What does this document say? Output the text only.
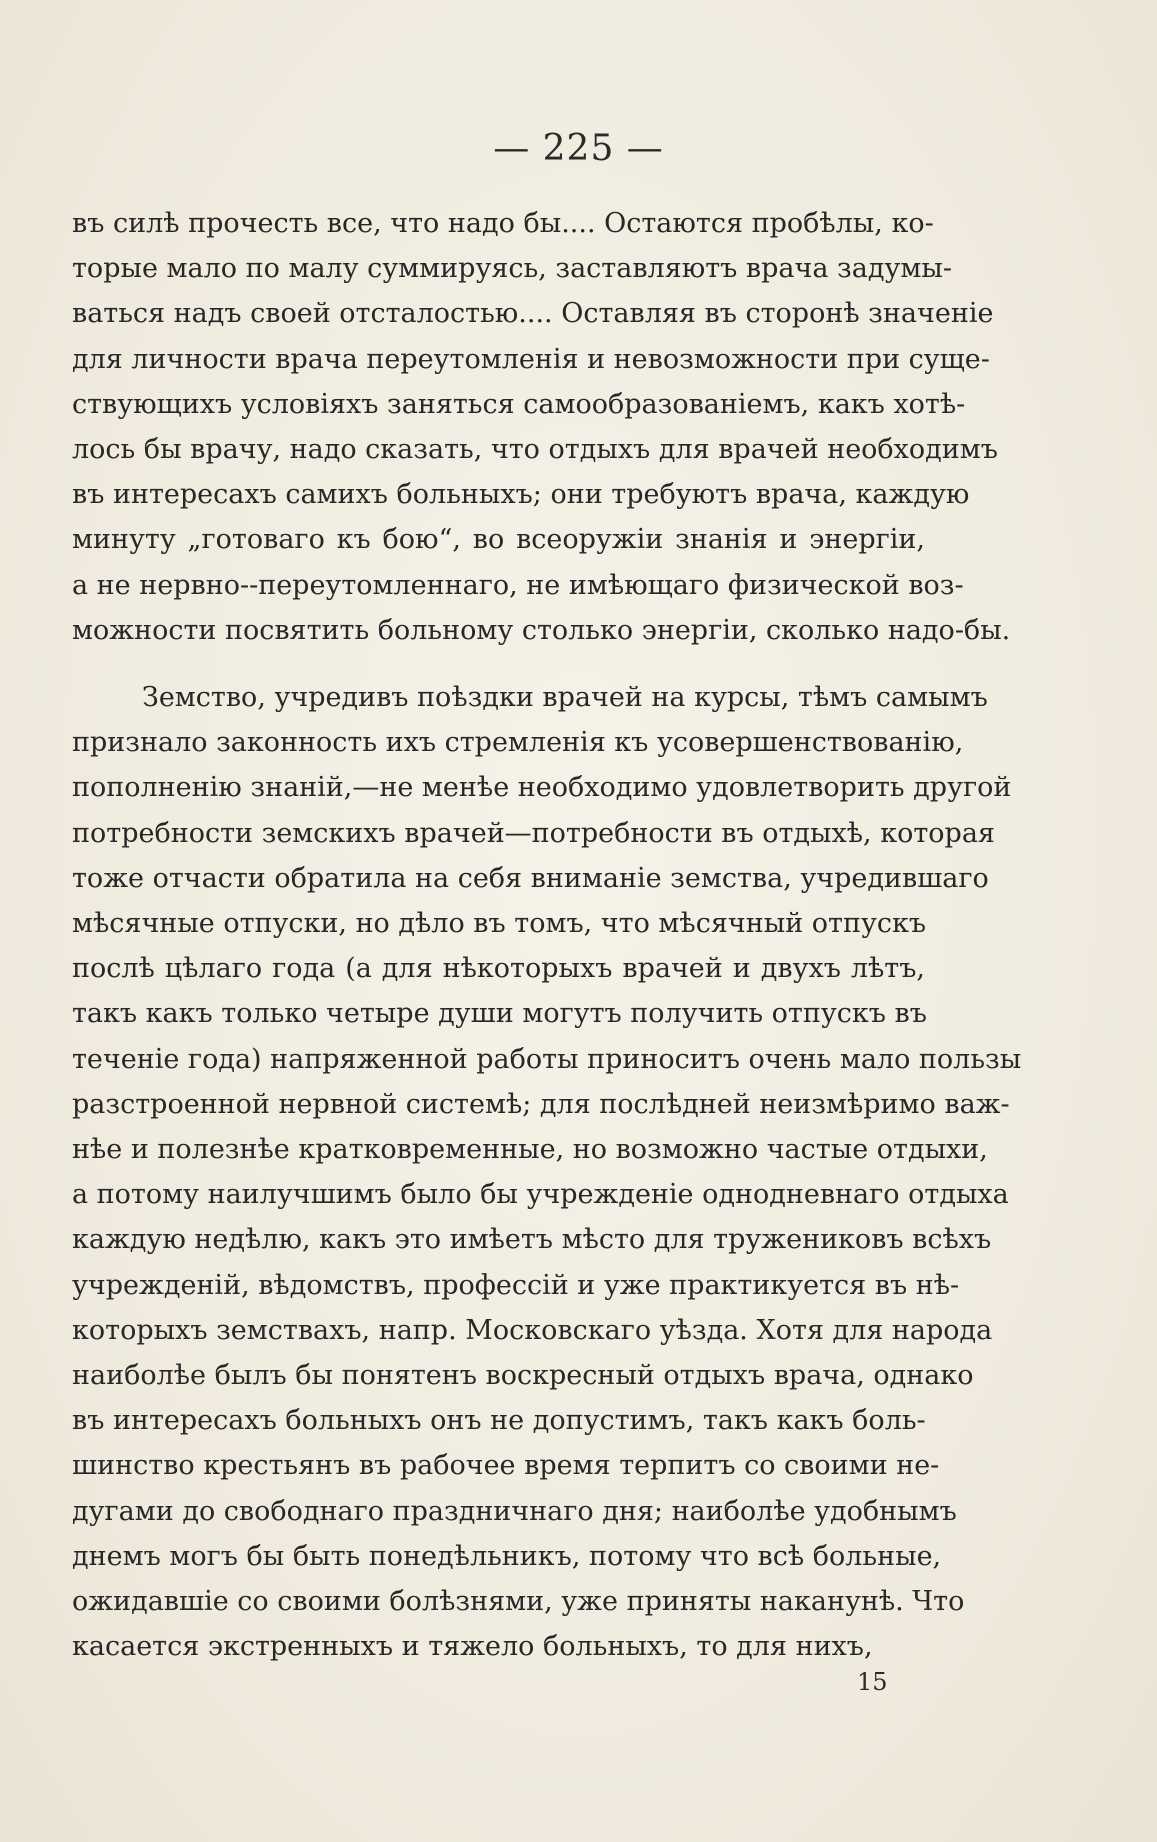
— 225 —
въ силѣ прочесть все, что надо бы.... Остаются пробѣлы, ко-
торые мало по малу суммируясь, заставляютъ врача задумы-
ваться надъ своей отсталостью.... Оставляя въ сторонѣ значеніе
для личности врача переутомленія и невозможности при суще-
ствующихъ условіяхъ заняться самообразованіемъ, какъ хотѣ-
лось бы врачу, надо сказать, что отдыхъ для врачей необходимъ
въ интересахъ самихъ больныхъ; они требуютъ врача, каждую
минуту „готоваго къ бою“, во всеоружіи знанія и энергіи,
а не нервно--переутомленнаго, не имѣющаго физической воз-
можности посвятить больному столько энергіи, сколько надо-бы.
Земство, учредивъ поѣздки врачей на курсы, тѣмъ самымъ
признало законность ихъ стремленія къ усовершенствованію,
пополненію знаній,—не менѣе необходимо удовлетворить другой
потребности земскихъ врачей—потребности въ отдыхѣ, которая
тоже отчасти обратила на себя вниманіе земства, учредившаго
мѣсячные отпуски, но дѣло въ томъ, что мѣсячный отпускъ
послѣ цѣлаго года (а для нѣкоторыхъ врачей и двухъ лѣтъ,
такъ какъ только четыре души могутъ получить отпускъ въ
теченіе года) напряженной работы приноситъ очень мало пользы
разстроенной нервной системѣ; для послѣдней неизмѣримо важ-
нѣе и полезнѣе кратковременные, но возможно частые отдыхи,
а потому наилучшимъ было бы учрежденіе однодневнаго отдыха
каждую недѣлю, какъ это имѣетъ мѣсто для тружениковъ всѣхъ
учрежденій, вѣдомствъ, профессій и уже практикуется въ нѣ-
которыхъ земствахъ, напр. Московскаго уѣзда. Хотя для народа
наиболѣе былъ бы понятенъ воскресный отдыхъ врача, однако
въ интересахъ больныхъ онъ не допустимъ, такъ какъ боль-
шинство крестьянъ въ рабочее время терпитъ со своими не-
дугами до свободнаго праздничнаго дня; наиболѣе удобнымъ
днемъ могъ бы быть понедѣльникъ, потому что всѣ больные,
ожидавшіе со своими болѣзнями, уже приняты наканунѣ. Что
касается экстренныхъ и тяжело больныхъ, то для нихъ,
15
